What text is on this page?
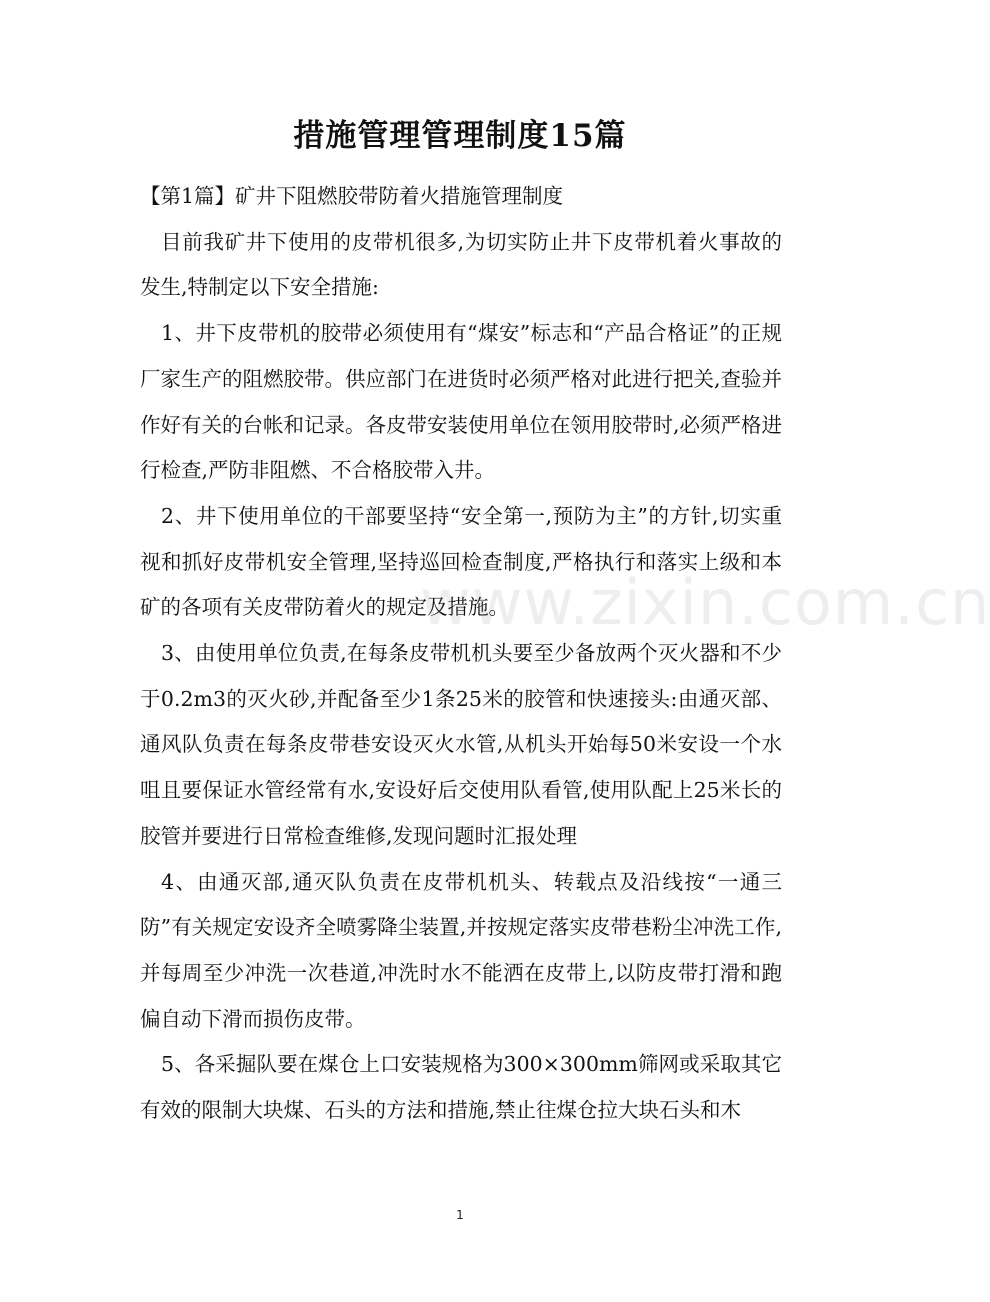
措施管理管理制度15篇

【第1篇】矿井下阻燃胶带防着火措施管理制度

目前我矿井下使用的皮带机很多,为切实防止井下皮带机着火事故的发生,特制定以下安全措施:

1、井下皮带机的胶带必须使用有“煤安”标志和“产品合格证”的正规厂家生产的阻燃胶带。供应部门在进货时必须严格对此进行把关,查验并作好有关的台帐和记录。各皮带安装使用单位在领用胶带时,必须严格进行检查,严防非阻燃、不合格胶带入井。

2、井下使用单位的干部要坚持“安全第一,预防为主”的方针,切实重视和抓好皮带机安全管理,坚持巡回检查制度,严格执行和落实上级和本矿的各项有关皮带防着火的规定及措施。

3、由使用单位负责,在每条皮带机机头要至少备放两个灭火器和不少于0.2m3的灭火砂,并配备至少1条25米的胶管和快速接头:由通灭部、通风队负责在每条皮带巷安设灭火水管,从机头开始每50米安设一个水咀且要保证水管经常有水,安设好后交使用队看管,使用队配上25米长的胶管并要进行日常检查维修,发现问题时汇报处理

4、由通灭部,通灭队负责在皮带机机头、转载点及沿线按“一通三防”有关规定安设齐全喷雾降尘装置,并按规定落实皮带巷粉尘冲洗工作,并每周至少冲洗一次巷道,冲洗时水不能洒在皮带上,以防皮带打滑和跑偏自动下滑而损伤皮带。

5、各采掘队要在煤仓上口安装规格为300×300mm筛网或采取其它有效的限制大块煤、石头的方法和措施,禁止往煤仓拉大块石头和木

www.zixin.com.cn
1
